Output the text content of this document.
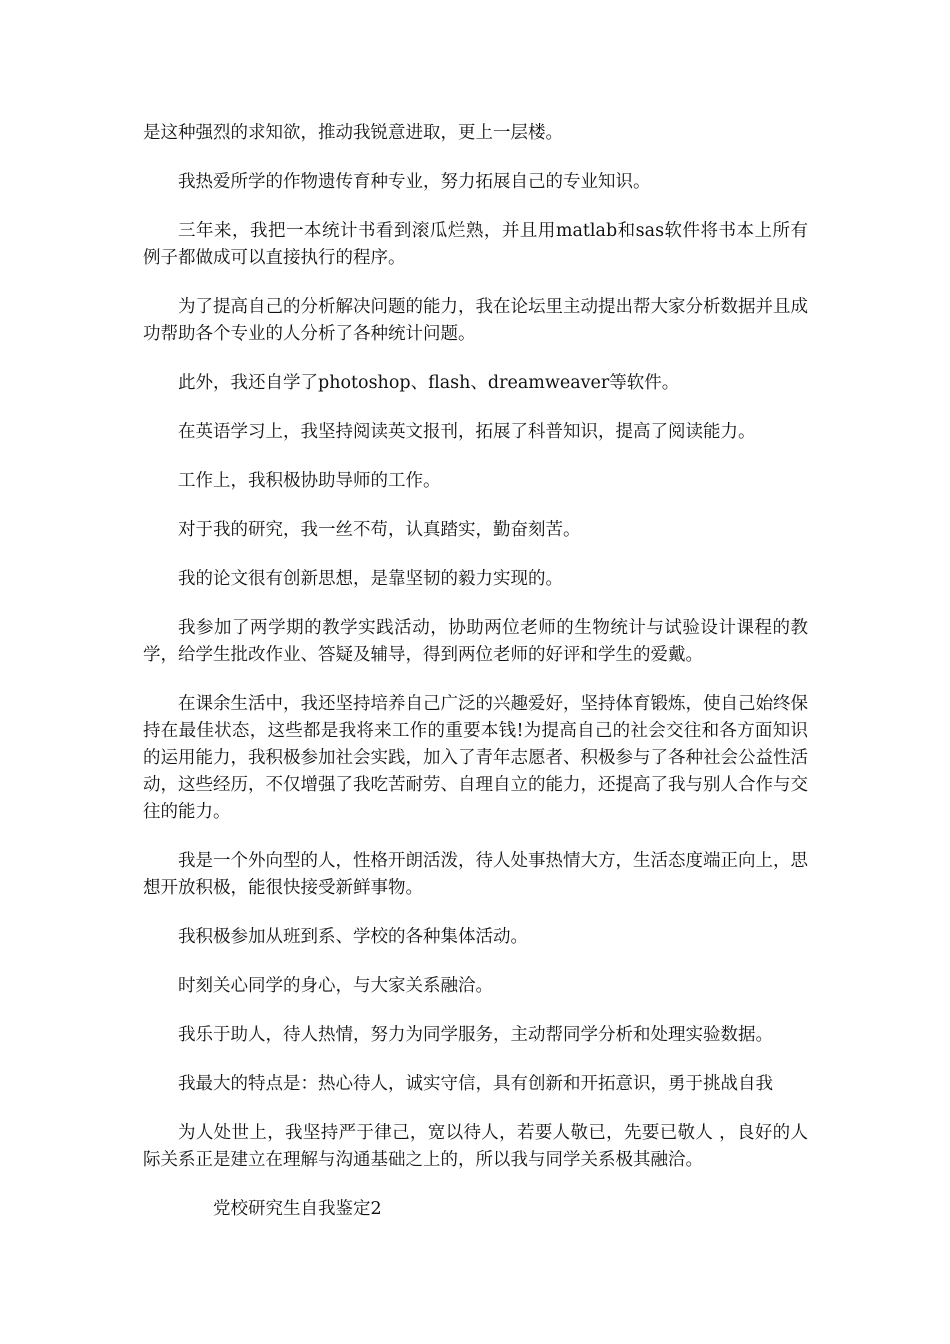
是这种强烈的求知欲，推动我锐意进取，更上一层楼。

我热爱所学的作物遗传育种专业，努力拓展自己的专业知识。

三年来，我把一本统计书看到滚瓜烂熟，并且用matlab和sas软件将书本上所有例子都做成可以直接执行的程序。

为了提高自己的分析解决问题的能力，我在论坛里主动提出帮大家分析数据并且成功帮助各个专业的人分析了各种统计问题。

此外，我还自学了photoshop、flash、dreamweaver等软件。

在英语学习上，我坚持阅读英文报刊，拓展了科普知识，提高了阅读能力。

工作上，我积极协助导师的工作。

对于我的研究，我一丝不苟，认真踏实，勤奋刻苦。

我的论文很有创新思想，是靠坚韧的毅力实现的。

我参加了两学期的教学实践活动，协助两位老师的生物统计与试验设计课程的教学，给学生批改作业、答疑及辅导，得到两位老师的好评和学生的爱戴。

在课余生活中，我还坚持培养自己广泛的兴趣爱好，坚持体育锻炼，使自己始终保持在最佳状态，这些都是我将来工作的重要本钱!为提高自己的社会交往和各方面知识的运用能力，我积极参加社会实践，加入了青年志愿者、积极参与了各种社会公益性活动，这些经历，不仅增强了我吃苦耐劳、自理自立的能力，还提高了我与别人合作与交往的能力。

我是一个外向型的人，性格开朗活泼，待人处事热情大方，生活态度端正向上，思想开放积极，能很快接受新鲜事物。

我积极参加从班到系、学校的各种集体活动。

时刻关心同学的身心，与大家关系融洽。

我乐于助人，待人热情，努力为同学服务，主动帮同学分析和处理实验数据。

我最大的特点是：热心待人，诚实守信，具有创新和开拓意识，勇于挑战自我

为人处世上，我坚持严于律己，宽以待人，若要人敬已，先要已敬人 ，良好的人际关系正是建立在理解与沟通基础之上的，所以我与同学关系极其融洽。

党校研究生自我鉴定2
